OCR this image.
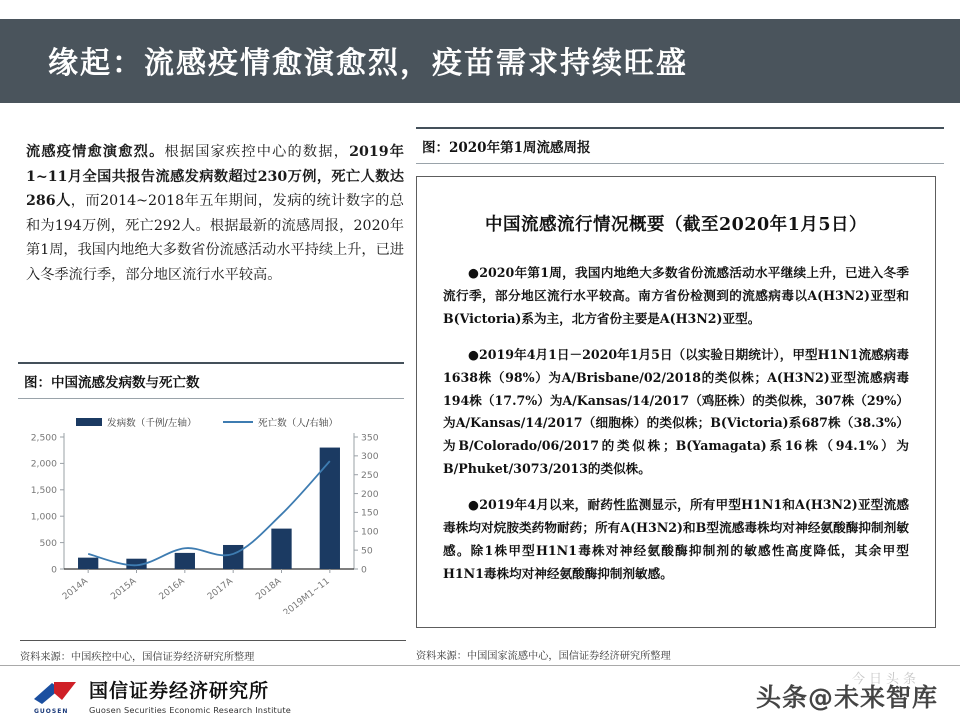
缘起：流感疫情愈演愈烈，疫苗需求持续旺盛

流感疫情愈演愈烈。根据国家疾控中心的数据，2019年1~11月全国共报告流感发病数超过230万例，死亡人数达286人，而2014~2018年五年期间，发病的统计数字的总和为194万例，死亡292人。根据最新的流感周报，2020年第1周，我国内地绝大多数省份流感活动水平持续上升，已进入冬季流行季，部分地区流行水平较高。

图：中国流感发病数与死亡数
0
500
1,000
1,500
2,000
2,500
0
50
100
150
200
250
300
350
2014A 2015A 2016A 2017A 2018A
2019M1~11
发病数（千例/左轴）	死亡数（人/右轴）
资料来源：中国疾控中心，国信证券经济研究所整理
图：2020年第1周流感周报
中国流感流行情况概要（截至2020年1月5日）
●2020年第1周，我国内地绝大多数省份流感活动水平继续上升，已进入冬季流行季，部分地区流行水平较高。南方省份检测到的流感病毒以A(H3N2)亚型和B(Victoria)系为主，北方省份主要是A(H3N2)亚型。
●2019年4月1日－2020年1月5日（以实验日期统计），甲型H1N1流感病毒1638株（98%）为A/Brisbane/02/2018的类似株；A(H3N2)亚型流感病毒194株（17.7%）为A/Kansas/14/2017（鸡胚株）的类似株，307株（29%）为A/Kansas/14/2017（细胞株）的类似株；B(Victoria)系687株（38.3%）为B/Colorado/06/2017的类似株；B(Yamagata)系16株（94.1%）为B/Phuket/3073/2013的类似株。
●2019年4月以来，耐药性监测显示，所有甲型H1N1和A(H3N2)亚型流感毒株均对烷胺类药物耐药；所有A(H3N2)和B型流感毒株均对神经氨酸酶抑制剂敏感。除1株甲型H1N1毒株对神经氨酸酶抑制剂的敏感性高度降低，其余甲型H1N1毒株均对神经氨酸酶抑制剂敏感。
资料来源：中国国家流感中心，国信证券经济研究所整理
GUOSEN
国信证券经济研究所
Guosen Securities Economic Research Institute
今日头条
头条@未来智库
